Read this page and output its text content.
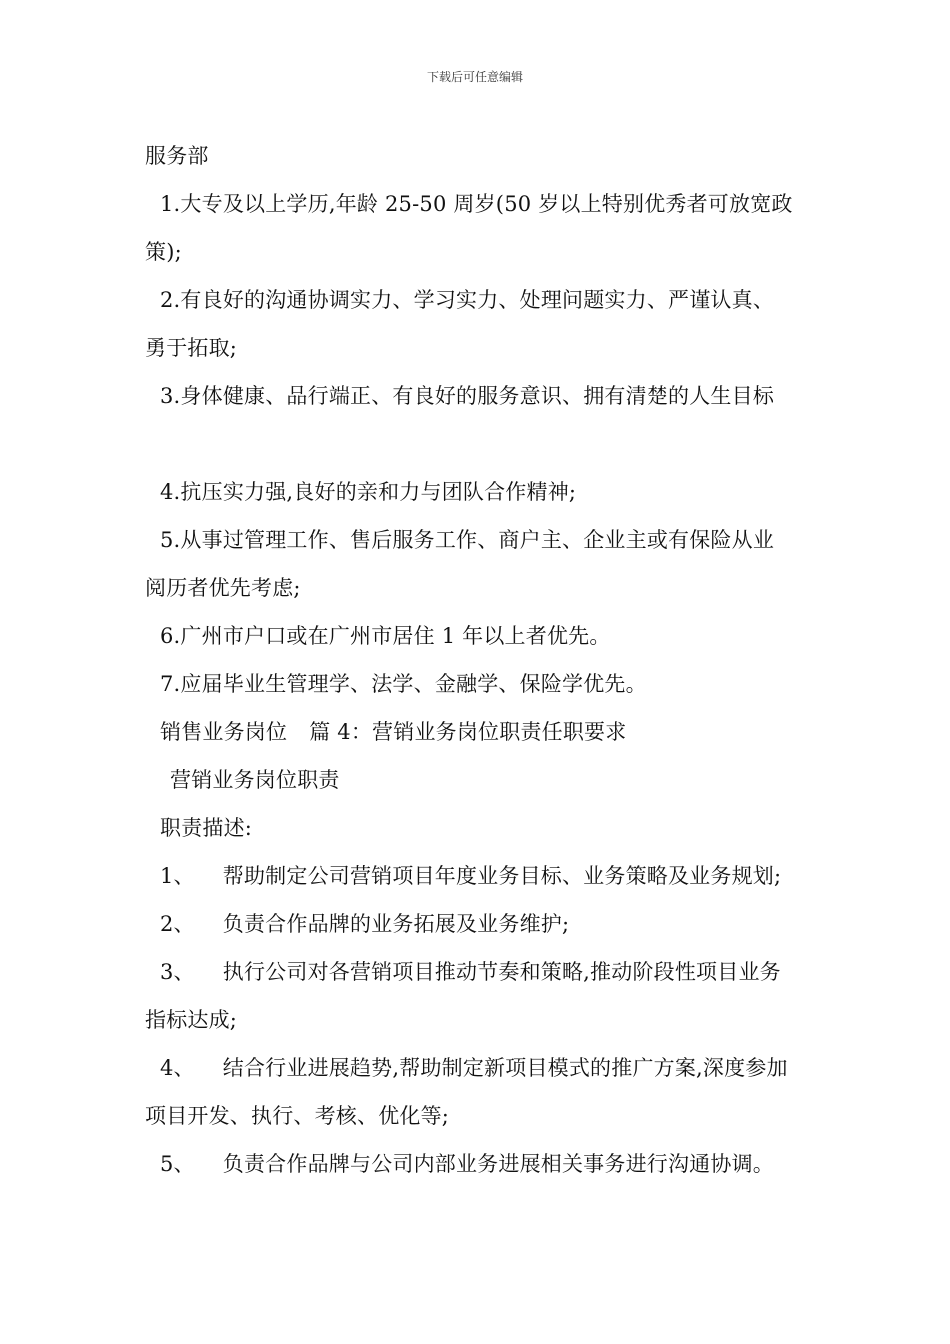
下载后可任意编辑
服务部
1.大专及以上学历,年龄 25-50 周岁(50 岁以上特别优秀者可放宽政
策);
2.有良好的沟通协调实力、学习实力、处理问题实力、严谨认真、
勇于拓取;
3.身体健康、品行端正、有良好的服务意识、拥有清楚的人生目标
4.抗压实力强,良好的亲和力与团队合作精神;
5.从事过管理工作、售后服务工作、商户主、企业主或有保险从业
阅历者优先考虑;
6.广州市户口或在广州市居住 1 年以上者优先。
7.应届毕业生管理学、法学、金融学、保险学优先。
销售业务岗位 篇 4：营销业务岗位职责任职要求
营销业务岗位职责
职责描述:
1、 帮助制定公司营销项目年度业务目标、业务策略及业务规划;
2、 负责合作品牌的业务拓展及业务维护;
3、 执行公司对各营销项目推动节奏和策略,推动阶段性项目业务
指标达成;
4、 结合行业进展趋势,帮助制定新项目模式的推广方案,深度参加
项目开发、执行、考核、优化等;
5、 负责合作品牌与公司内部业务进展相关事务进行沟通协调。
